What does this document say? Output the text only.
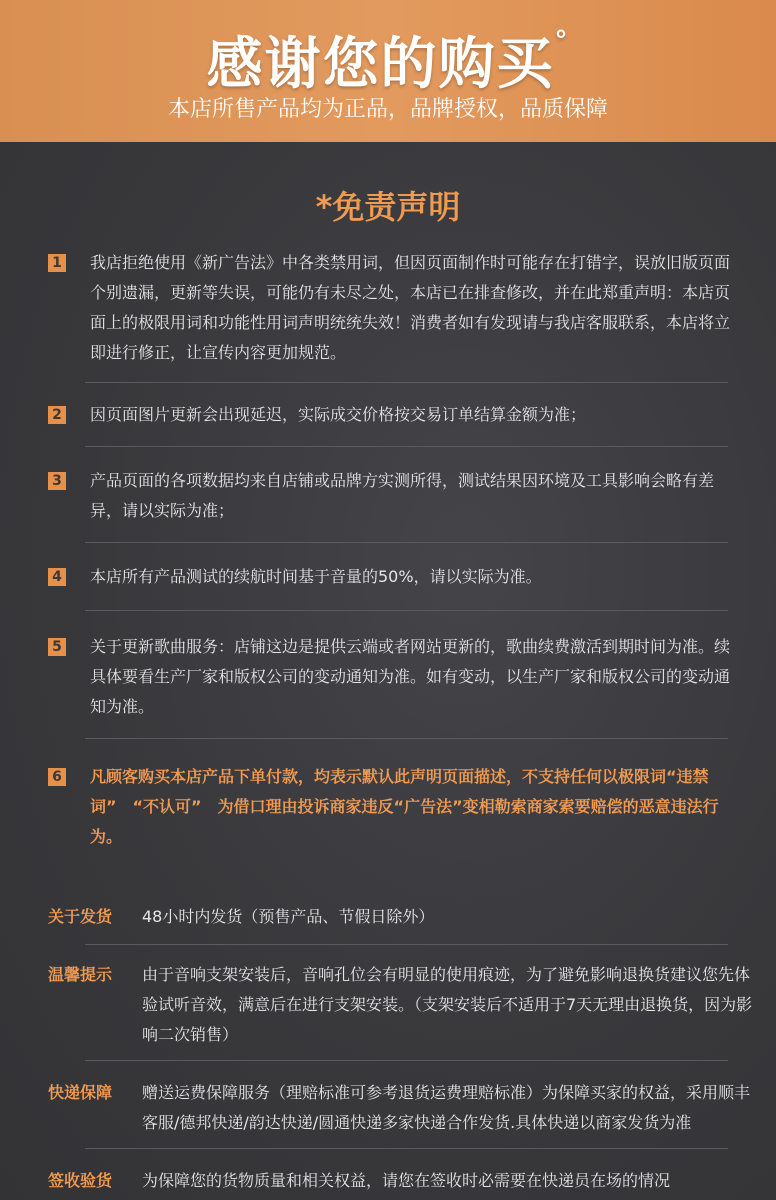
感谢您的购买°
本店所售产品均为正品，品牌授权，品质保障
*免责声明
1 我店拒绝使用《新广告法》中各类禁用词，但因页面制作时可能存在打错字，误放旧版页面个别遗漏，更新等失误，可能仍有未尽之处，本店已在排查修改，并在此郑重声明：本店页面上的极限用词和功能性用词声明统统失效！消费者如有发现请与我店客服联系，本店将立即进行修正，让宣传内容更加规范。
2 因页面图片更新会出现延迟，实际成交价格按交易订单结算金额为准；
3 产品页面的各项数据均来自店铺或品牌方实测所得，测试结果因环境及工具影响会略有差异，请以实际为准；
4 本店所有产品测试的续航时间基于音量的50%，请以实际为准。
5 关于更新歌曲服务：店铺这边是提供云端或者网站更新的，歌曲续费激活到期时间为准。续具体要看生产厂家和版权公司的变动通知为准。如有变动，以生产厂家和版权公司的变动通知为准。
6 凡顾客购买本店产品下单付款，均表示默认此声明页面描述，不支持任何以极限词“违禁词”　“不认可”　为借口理由投诉商家违反“广告法”变相勒索商家索要赔偿的恶意违法行为。
关于发货	48小时内发货（预售产品、节假日除外）
温馨提示	由于音响支架安装后，音响孔位会有明显的使用痕迹，为了避免影响退换货建议您先体验试听音效，满意后在进行支架安装。（支架安装后不适用于7天无理由退换货，因为影响二次销售）
快递保障	赠送运费保障服务（理赔标准可参考退货运费理赔标准）为保障买家的权益，采用顺丰客服/德邦快递/韵达快递/圆通快递多家快递合作发货.具体快递以商家发货为准
签收验货	为保障您的货物质量和相关权益，请您在签收时必需要在快递员在场的情况
